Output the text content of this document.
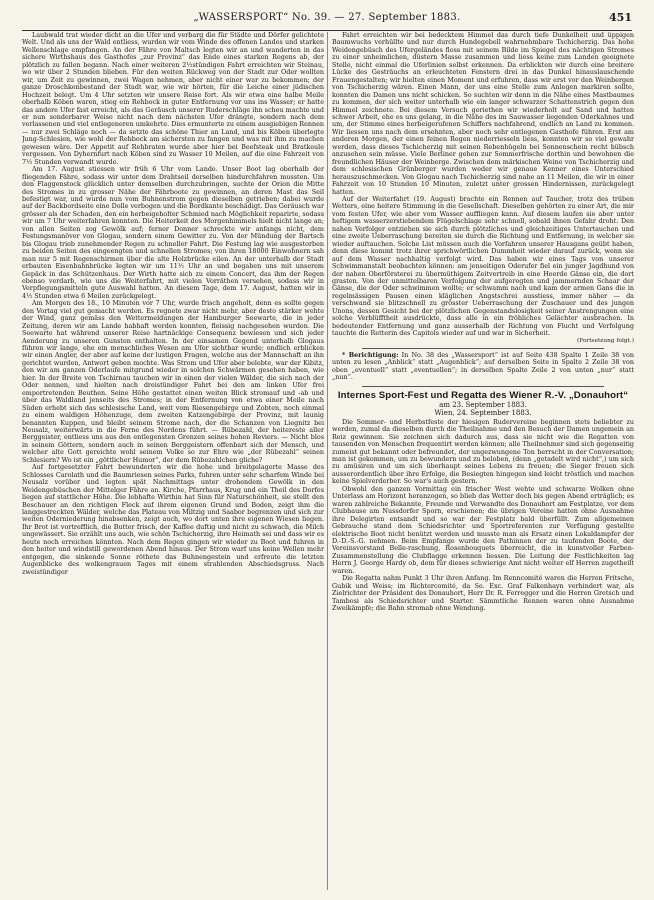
„WASSERSPORT“ No. 39. — 27. September 1883.	451

Laubwald trat wieder dicht an die Ufer und verbarg die für Städte und Dörfer gelichtete Welt. Und als uns der Wald entliess, wurden wir vom Winde des offenen Landes und starken Wellenschlage empfangen. An der Fähre von Maltsch legten wir an und wanderten in das sichere Wirthshaus des Gasthofes „zur Provinz“ das Ende eines starken Regens ab, der plötzlich zu fallen begann. Nach einer weiteren 2½stündigen Fahrt erreichten wir Steinau, wo wir über 2 Stunden blieben. Für den weiten Rückweg von der Stadt zur Oder wollten wir, um Zeit zu gewinnen, zwei Wagen nehmen, aber nicht einer war zu bekommen; der ganze Droschkenbestand der Stadt war, wie wir hörten, für die Leiche einer jüdischen Hochzeit belegt. Um 4 Uhr setzten wir unsere Reise fort. Als wir etwa eine halbe Meile oberhalb Köben waren, stieg ein Rehbock in guter Entfernung vor uns ins Wasser; er hatte das andere Ufer fast erreicht, als das Geräusch unserer Ruderschläge ihn scheu machte und er nun sonderbarer Weise nicht nach dem nächsten Ufer drängte, sondern nach dem verlassenen und viel entlegeneren umkehrte. Dies ermunterte zu einem ausgiebigen Rennen — nur zwei Schläge noch — da setzte das schöne Thier an Land, und bis Köben überlegte Jung-Schlesien, wie wohl der Rehbock am sichersten zu fangen und was mit ihm zu machen gewesen wäre. Der Appetit auf Rehbraten wurde aber hier bei Beefsteak und Bratkeule vergessen. Von Dyhernfurt nach Köben sind zu Wasser 10 Meilen, auf die eine Fahrzeit von 7½ Stunden verwandt wurde.

Am 17. August stiessen wir früh 6 Uhr vom Lande. Unser Boot lag oberhalb der fliegenden Fähre, sodass wir unter dem Drahtseil derselben hindurchfahren mussten. Um den Flaggenstock glücklich unter demselben durchzubringen, suchte der Orion die Mitte des Stromes in zu grosser Nähe der Fährboote zu gewinnen, an deren Mast das Seil befestigt war, und wurde nun vom Buhnenstrom gegen dieselben getrieben; dabei wurde auf der Backbordseite eine Dolle verbogen und die Bordkante beschädigt. Das Geräusch war grösser als der Schaden, den ein herbeigeholter Schmied nach Möglichkeit reparirte, sodass wir um 7 Uhr weiterfahren konnten. Die Heiterkeit des Morgenhimmels hielt nicht lange an; von allen Seiten zog Gewölk auf; ferner Donner schreckte wir anfangs nicht, dem Festungsmanöver von Glogau, sondern einem Gewitter zu. Von der Mündung der Bartsch bis Glogau trieb zunehmender Regen zu schneller Fahrt. Die Festung lag wie ausgestorben zu beiden Seiten des eingeengten und schnellen Stromes; von ihren 18000 Einwohnern sah man nur 5 mit Regenschirmen über die alte Holzbrücke eilen. An der unterhalb der Stadt erbauten Eisenbahnbrücke legten wir um 11½ Uhr an und begaben uns mit unserem Gepäck in das Schützenhaus. Der Wirth hatte sich zu einem Concert, das ihm der Regen ebenso verdarb, wie uns die Weiterfahrt, mit vielen Vorräthen versehen, sodass wir in Verpflegungsmitteln gute Auswahl hatten. An diesem Tage, dem 17. August, hatten wir in 4½ Stunden etwa 6 Meilen zurückgelegt.

Am Morgen des 18., 10 Minuten vor 7 Uhr, wurde frisch angeholt, denn es sollte gegen den Vortag viel gut gemacht werden. Es regnete zwar nicht mehr, aber desto stärker wehte der Wind, ganz gemäss den Wettermeldungen der Hamburger Seewarte, die in jeder Zeitung, deren wir am Lande habhaft werden konnten, fleissig nachgesehen wurden. Die Seewarte hat während unserer Reise hartnäckige Consequenz bewiesen und sich jeder Aenderung zu unseren Gunsten enthalten. In der einsamen Gegend unterhalb Glogaus führen wir lange, ehe ein menschliches Wesen am Ufer sichtbar wurde; endlich erblicken wir einen Angler, der aber auf keine der lustigen Fragen, welche aus der Mannschaft an ihn gerichtet wurden, Antwort geben mochte. Was Strom und Ufer aber belebte, war der Kibitz, den wir am ganzen Oderlaufe mitgrund wieder in solchen Schwärmen gesehen haben, wie hier. In der Breite von Tschirnau tauchen wir in einen der vielen Wälder, die sich nach der Oder nennen, und hielten nach dreistündiger Fahrt bei den am linken Ufer frei emportretenden Beuthen. Seine Höhe gestattet einen weiten Blick stromauf und -ab und über das Waldland jenseits des Stromes; in der Entfernung von etwa einer Meile nach Süden erhebt sich das schlesische Land, weit vom Riesengebirge und Zobten, noch einmal zu einem waldigen Höhenzuge, dem zweiten Katzengebirge der Provinz, mit launig benannten Kuppen, und bleibt seinem Strome nach, der die Schanzen von Liegnitz bei Neusalz, weiterwärts in die Ferne des Nordens führt. — Rübezahl, der heitereste aller Berggeister, entliess uns aus den entlegensten Grenzen seines hohen Reviers. — Nicht blos in seinem Göttern, sondern auch in seinen Berggeistern offenbart sich der Mensch, und welcher alte Gott gereichte wohl seinem Volke so zur Ehre wie „der Rübezahl“ seinen Schlesiern? Wo ist ein „göttlicher Humor“, der dem Rübezahlchen gliche?

Auf fortgesetzter Fahrt bewunderten wir die hohe und breitgelagerte Masse des Schlosses Carolath und die Baumriesen seines Parks, fuhren unter sehr scharfem Winde bei Neusalz vorüber und legten spät Nachmittags unter drohendem Gewölk in den Weidengebüschen der Mittelger Fähre an. Kirche, Pfarrhaus, Krug und ein Theil des Dorfes liegen auf stattlicher Höhe. Die lebhafte Wirthin hat Sinn für Naturschönheit, sie stellt den Beschauer an den richtigen Fleck auf ihrem eigenen Grund und Boden, zeigt ihm die langgestreckten Wälder, welche das Plateau von Miltzig und Saabor begrenzen und sich zur weiten Oderniederung hinabsenken, zeigt auch, wo dort unten ihre eigenen Wiesen liegen. Ihr Brot ist vortrefflich, die Butter frisch, der Kaffee duftig und nicht zu schwach, die Milch ungewässert. Sie erzählt uns auch, wie schön Tschicherzig, ihre Heimath sei und dass wir es heute noch erreichen könnten. Nach dem Regen gingen wir wieder zu Boot und fuhren in den heiter und windstill gewordenen Abend hinaus. Der Strom warf uns keine Wellen mehr entgegen, die sinkende Sonne röthete das Buhnengestein und erfreute die letzten Augenblicke des wolkengrauen Tages mit einem strahlenden Abschiedsgruss. Nach zweistündiger

Fahrt erreichten wir bei bedecktem Himmel das durch tiefe Dunkelheit und üppigen Baumwuchs verhüllte und nur durch Hundegebell wahrnehmbare Tschicherzig. Das hohe Weidengebüsch des Ufergeländes floss mit seinem Bilde im Spiegel des nächtigen Stromes zu einer unheimlichen, düstern Masse zusammen und liess keine zum Landen geeignete Stelle, nicht einmal die Uferlinien selbst erkennen. Da erblickten wir durch eine breitere Lücke des Gesträuchs an erleuchteten Fenstern drei in das Dunkel hinauslauschende Frauengestalten; wir hielten einen Moment und erfuhren, dass wir erst vor den Weinbergen von Tschicherzig wären. Einen Mann, der uns eine Stelle zum Anlegen markiren sollte, konnten die Damen uns nicht schicken. So suchten wir denn in die Nähe eines Mastbaumes zu kommen, der sich weiter unterhalb wie ein langer schwarzer Schattenstrich gegen den Himmel zeichnete. Bei diesem Versuch geriethen wir wiederholt auf Sand und hatten schwer Arbeit, ehe es uns gelang, in die Nähe des im Sauwasser liegenden Oderkahnes und um, der Stimme eines herbeigerufenen Schiffers nachfahrend, endlich an Land zu kommen. Wir liessen uns nach dem ersehnten, aber noch sehr entlegenen Gasthofe führen. Erst am anderen Morgen, der einen feinen Regen niederriesseln liess, konnten wir so viel gewahr werden, dass dieses Tschicherzig mit seinen Rebenhügeln bei Sonnenschein recht hübsch anzusehen sein müsse. Viele Berliner gehen zur Sommerfrische dorthin und bewohnen die freundlichen Häuser der Weinberge. Zwischen dem märkischen Weine von Tschicherzig und dem schlesischen Grünberger wurden weder wir genaue Kenner eines Unterschied herauszuschmecken. Von Glogau nach Tschicherzig sind nahe an 11 Meilen, die wir in einer Fahrzeit von 10 Stunden 10 Minuten, zuletzt unter grossen Hindernissen, zurückgelegt hatten.

Auf der Weiterfahrt (19. August) brachte ein Rennen auf Taucher, trotz des trüben Wetters, eine heitere Stimmung in die Gesellschaft. Dieselben gehörten zu einer Art, die mir vom festen Ufer, wie aber vom Wasser auffliegen kann. Auf diesem laufen sie aber unter heftigem wasserzerstiebendem Flügelschlage sehr schnell, sobald ihnen Gefahr droht. Den nahen Verfolger entziehen sie sich durch plötzliches und gleichzeitiges Untertauchen und eine zweite Ueberraschung bereiten sie durch die Richtung und Entfernung, in welcher sie wieder auftauchen. Solche List müssen auch die Vorfahren unserer Hausgans geübt haben, denn diese kommt trotz ihrer sprichwörtlichen Dummheit wieder darauf zurück, wenn sie auf dem Wasser nachhaltig verfolgt wird. Das haben wir eines Tags von unserer Schwimmanstalt beobachten können: am jenseitigen Oderufer fiel ein junger Jagdhund von der nahen Oberförsterei zu übermüthigem Zeitvertreib in eine Heerde Gänse ein, die dort grasten. Von der unmittelbaren Verfolgung der aufgeregten und jammernden Schaar der Gänse, die der Oder schwimmen wollte; er schwamm nach und kam der armen Gans die in regelmässigen Pausen einen kläglichen Angstschrei ausstiess, immer näher — da verschwand sie blitzschnell zu grösster Ueberraschung der Zuschauer und des jungen Unons, dessen Gesicht bei der plötzlichen Gegenstandslosigkeit seiner Anstrengungen eine solche Verblüfftheit ausdrückte, dass alle in ein fröhliches Gelächter ausbrachen. In bedeutender Entfernung und ganz ausserhalb der Richtung von Flucht und Verfolgung tauchte die Retterin des Capitols wieder auf und war in Sicherheit.

(Fortsetzung folgt.)

* Berichtigung: In No. 38 des „Wassersport“ ist auf Seite 438 Spalte 1 Zeile 38 von unten zu lesen „Anblick“ statt „Augenblick“; auf derselben Seite in Spalte 2 Zeile 38 von oben „eventuell“ statt „eventuellen“; in derselben Spalte Zeile 2 von unten „nur“ statt „nun“.

Internes Sport-Fest und Regatta des Wiener R.-V. „Donauhort“
am 23. September 1883.
Wien, 24. September 1883.

Die Sommer- und Herbstfeste der hiesigen Rudervereine beginnen stets beliebter zu werden, zumal da dieselben durch die Theilnahme und den Besuch der Damen ungemein an Reiz gewinnen. Sie zeichnen sich dadurch aus, dass sie nicht wie die Regatten von tausenden von Menschen frequentirt werden können; alle Theilnehmer sind sich gegenseitig zumeist gut bekannt oder befreundet, der ungezwungene Ton herrscht in der Conversation; man ist gekommen, um zu bewundern und zu beloben, (denn „getadelt wird nicht“,) um sich zu amüsiren und um sich überhaupt seines Lebens zu freuen; die Sieger freuen sich ausserordentlich über ihre Erfolge, die Besiegten hingegen sind leicht tröstlich und machen keine Spielverderber. So war's auch gestern.

Obwohl den ganzen Vormittag ein frischer West wehte und schwarze Wolken ohne Unterlass am Horizont heranzogen, so blieb das Wetter doch bis gegen Abend erträglich; es waren zahlreiche Bekannte, Freunde und Verwandte des Donauhort am Festplatze, vor dem Clubhause am Nussdorfer Sporn, erschienen; die übrigen Vereine hatten ohne Ausnahme ihre Delegirten entsandt und so war der Festplatz bald überfüllt. Zum allgemeinen Gebrauche stand dem Schiedsrichter und Sportreferenten zur Verfügung gestellte elektrische Boot nicht benützt werden und musste man als Ersatz einen Lokaldampfer der D.-D.-S.-G. nehmen. Beim Empfange wurde den Pathinnen der zu taufenden Boote, der Vereinsvorstand Belle-raschung, Rosenbouquets überreicht, die in kunstvoller Farben-Zusammenstellung die Clubflagge erkennen liessen. Die Leitung der Festlichkeiten lag Herrn J. George Hardy ob, dem für dieses schwierige Amt nicht weiter elf Herren zugetheilt waren.

Die Regatta nahm Punkt 3 Uhr ihren Anfang. Im Renncomité waren die Herren Fritsche, Gubik und Weiss; im Richtercomité, da Se. Exc. Graf Falkenhayn verhindert war, als Zielrichter der Präsident des Donauhort, Herr Dr. R. Ferregger und die Herren Gretsch und Tambosi als Schiedsrichter und Starter. Sämmtliche Rennen waren ohne Ausnahme Zweikämpfe; die Bahn stromab ohne Wendung.
